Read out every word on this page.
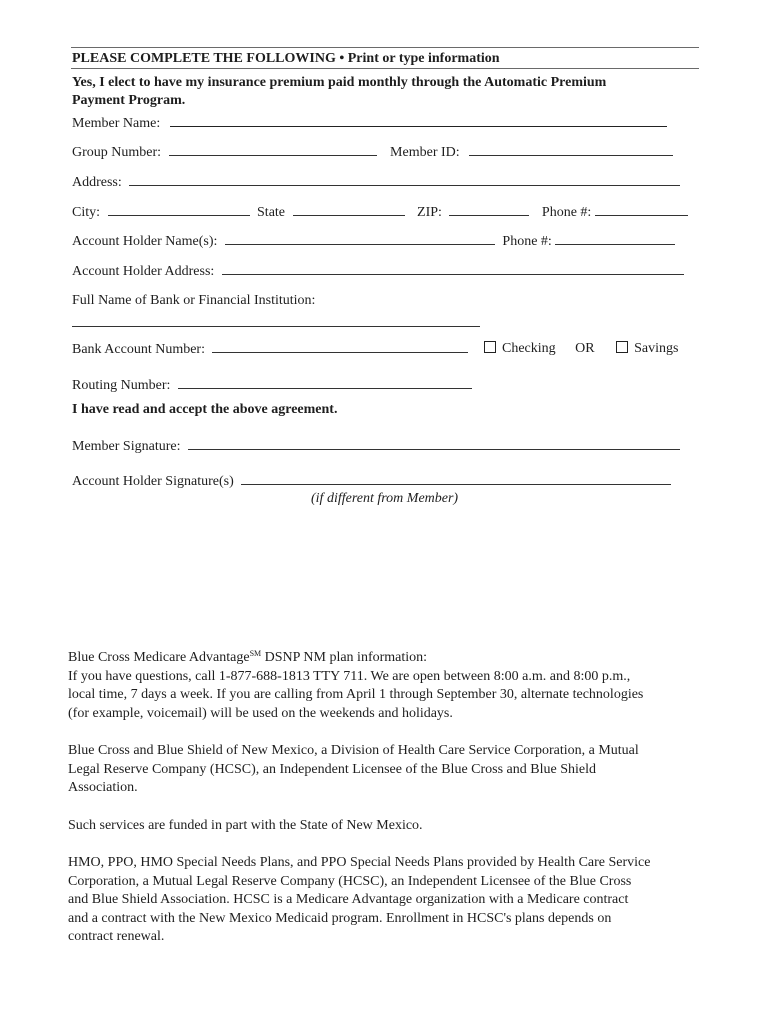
PLEASE COMPLETE THE FOLLOWING • Print or type information
Yes, I elect to have my insurance premium paid monthly through the Automatic Premium
Payment Program.
Member Name:
Group Number:	Member ID:
Address:
City:	State	ZIP:	Phone #:
Account Holder Name(s):	Phone #:
Account Holder Address:
Full Name of Bank or Financial Institution:
Bank Account Number:	Checking OR	Savings
Routing Number:
I have read and accept the above agreement.
Member Signature:
Account Holder Signature(s)
(if different from Member)

Blue Cross Medicare Advantage℠ DSNP NM plan information:

If you have questions, call 1-877-688-1813 TTY 711. We are open between 8:00 a.m. and 8:00 p.m.,

local time, 7 days a week. If you are calling from April 1 through September 30, alternate technologies

(for example, voicemail) will be used on the weekends and holidays.

Blue Cross and Blue Shield of New Mexico, a Division of Health Care Service Corporation, a Mutual

Legal Reserve Company (HCSC), an Independent Licensee of the Blue Cross and Blue Shield

Association.

Such services are funded in part with the State of New Mexico.

HMO, PPO, HMO Special Needs Plans, and PPO Special Needs Plans provided by Health Care Service

Corporation, a Mutual Legal Reserve Company (HCSC), an Independent Licensee of the Blue Cross

and Blue Shield Association. HCSC is a Medicare Advantage organization with a Medicare contract

and a contract with the New Mexico Medicaid program. Enrollment in HCSC's plans depends on

contract renewal.
